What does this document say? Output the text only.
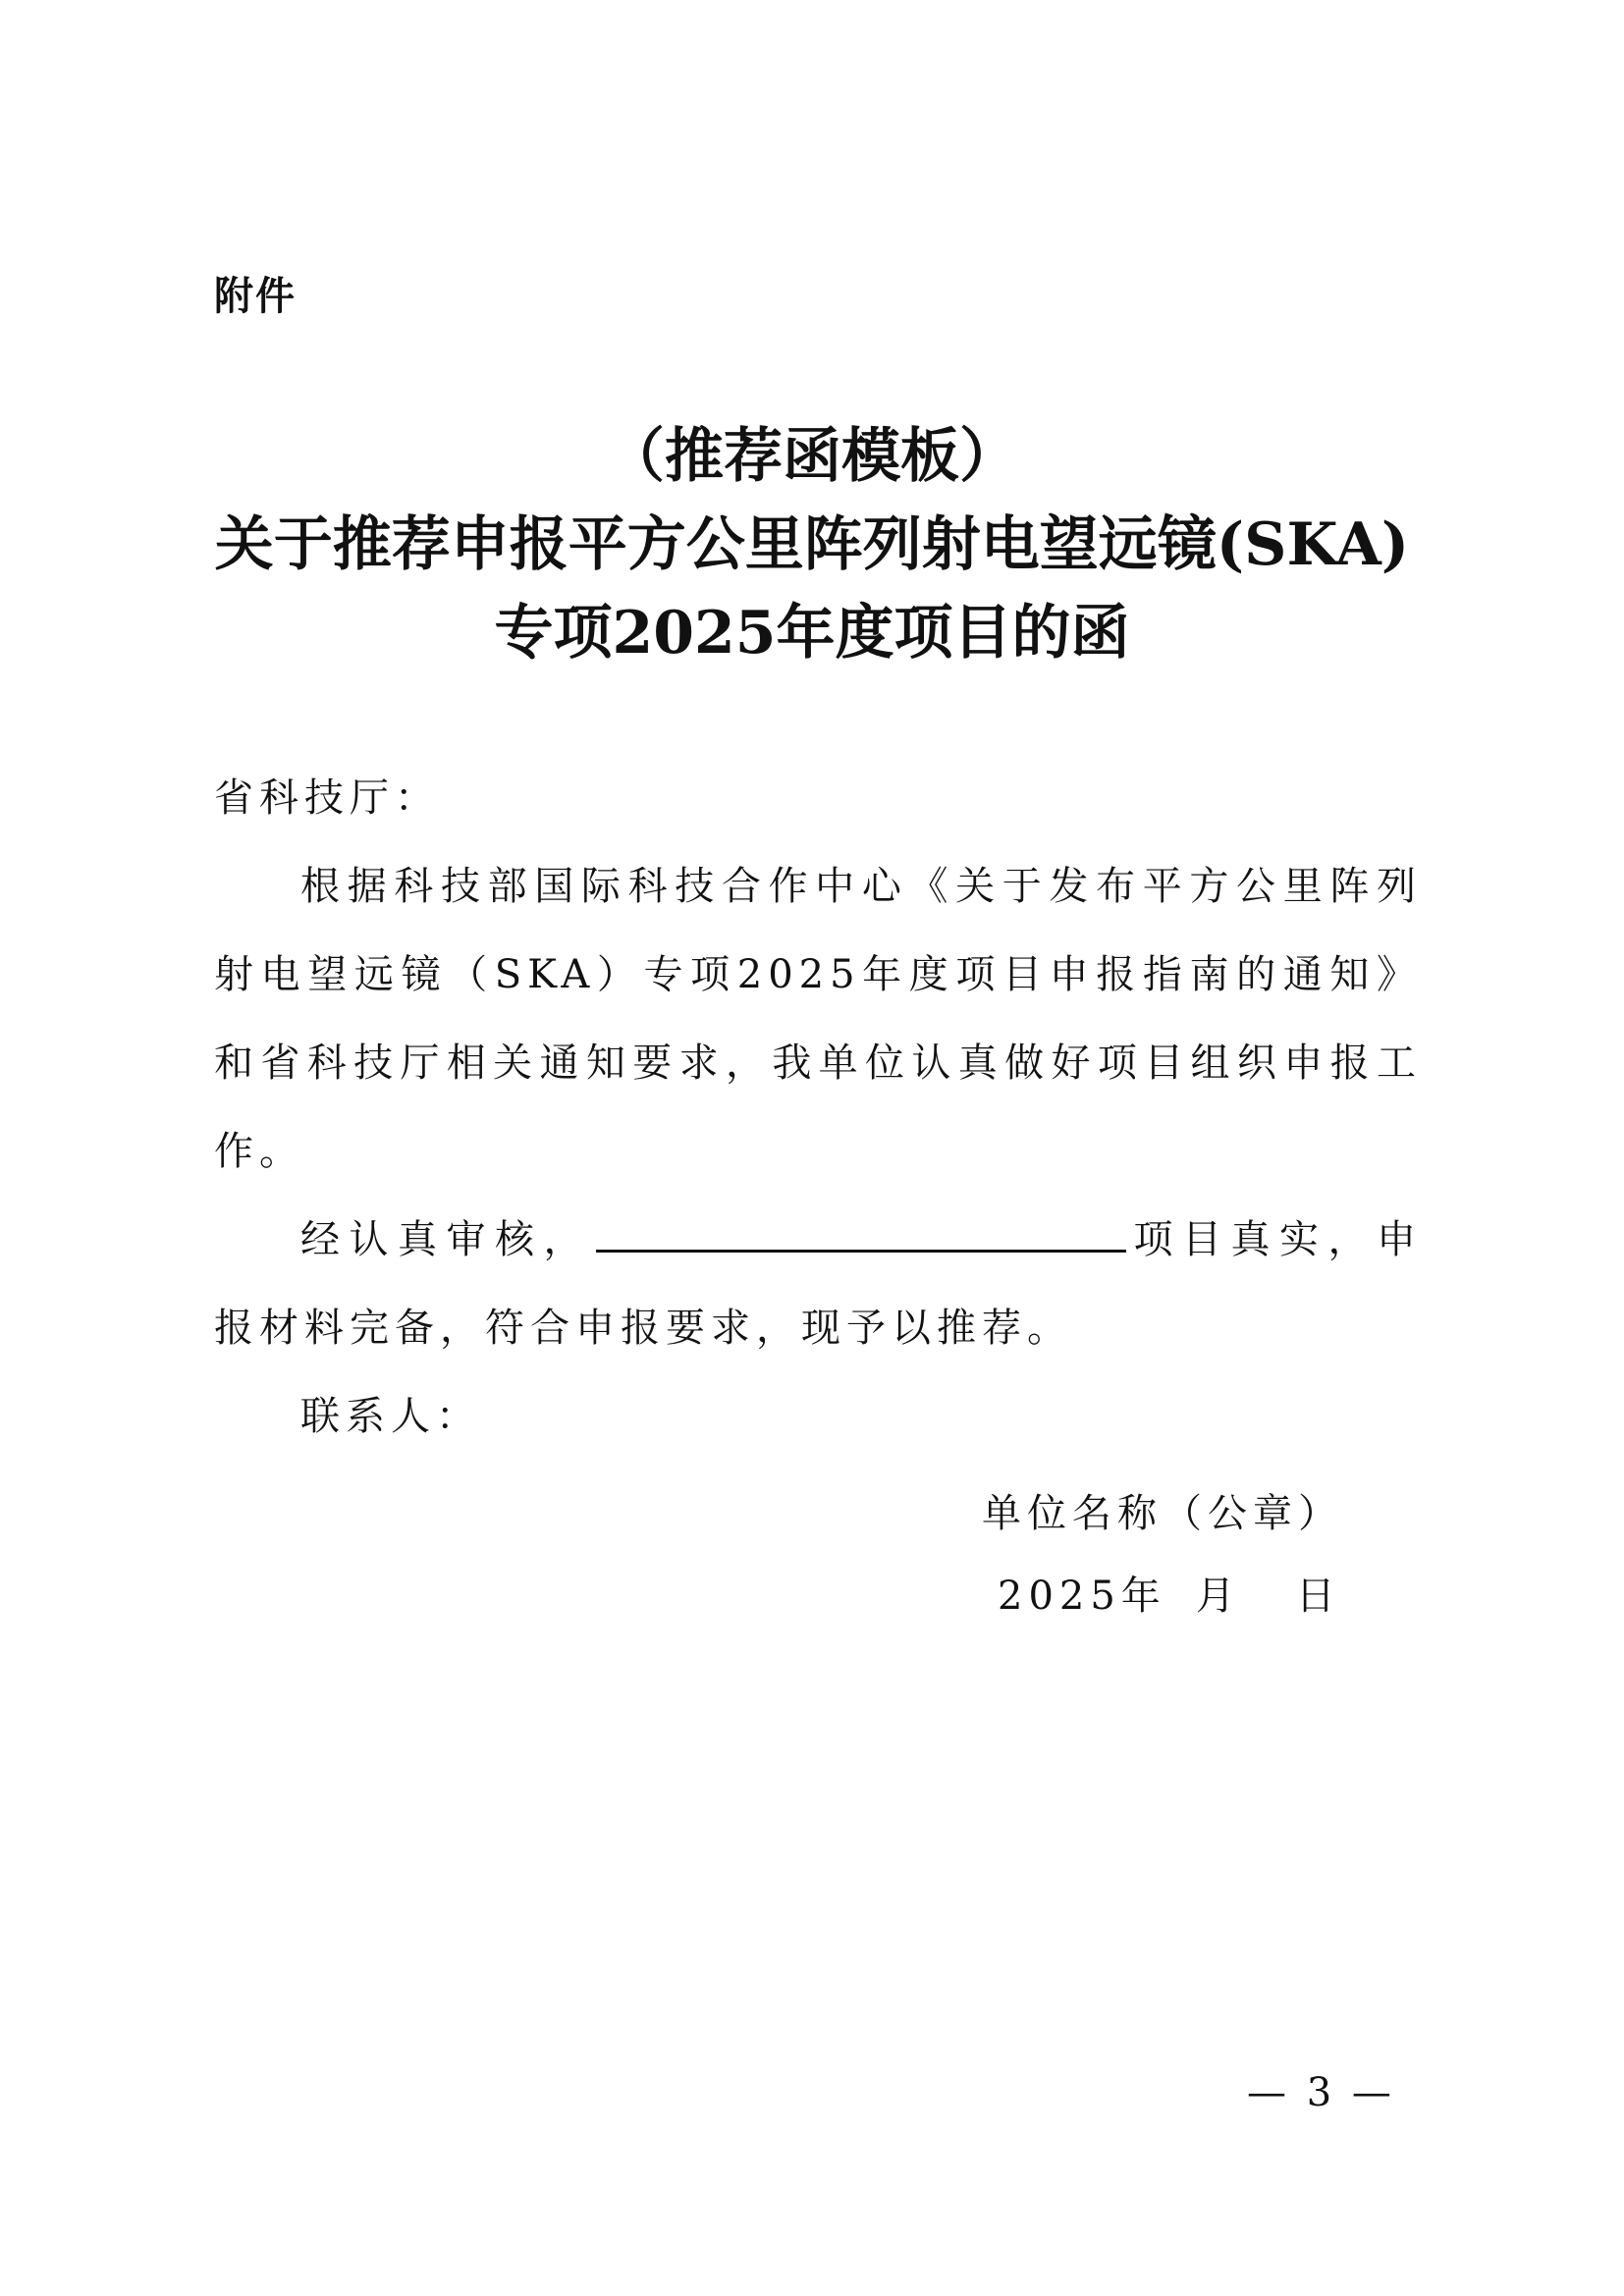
附件
（推荐函模板）
关于推荐申报平方公里阵列射电望远镜(SKA)
专项2025年度项目的函

省科技厅：

根据科技部国际科技合作中心《关于发布平方公里阵列射电望远镜（SKA）专项2025年度项目申报指南的通知》和省科技厅相关通知要求，我单位认真做好项目组织申报工作。

经认真审核，	项目真实，申报材料完备，符合申报要求，现予以推荐。

联系人：

单位名称（公章）
2025年 月 日
— 3 —
